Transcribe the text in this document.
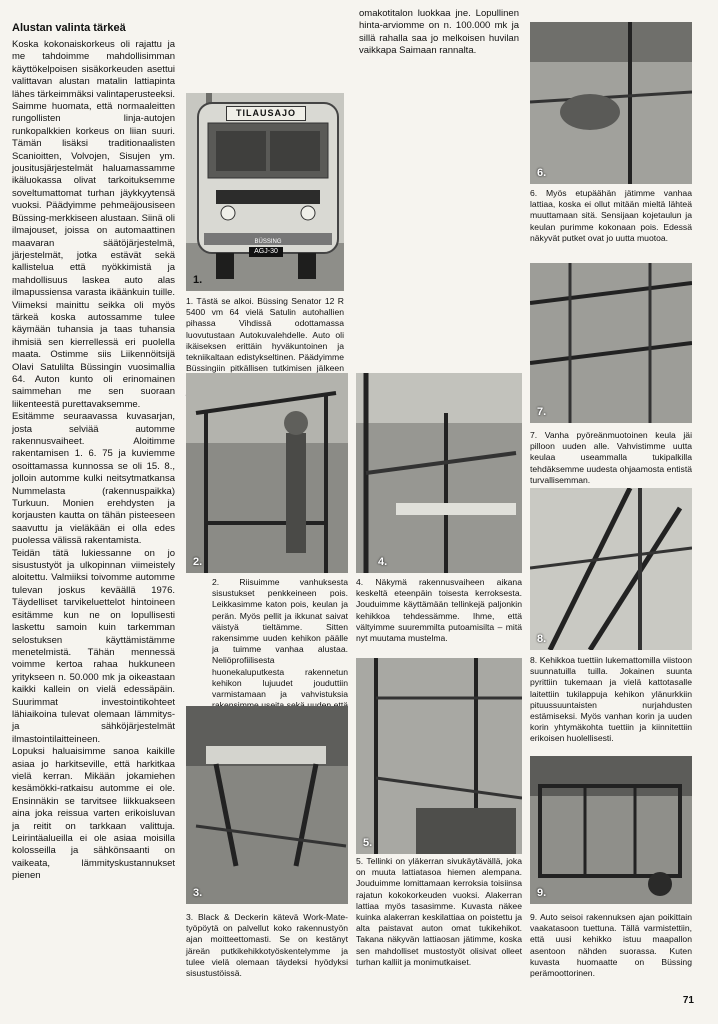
Alustan valinta tärkeä

Koska kokonaiskorkeus oli rajattu ja me tahdoimme mahdollisimman käyttökelpoisen sisäkorkeuden asettui valittavan alustan matalin lattiapinta lähes tärkeimmäksi valintaperusteeksi. Saimme huomata, että normaaleitten rungollisten linja-autojen runkopalkkien korkeus on liian suuri. Tämän lisäksi traditionaalisten Scanioitten, Volvojen, Sisujen ym. jousitusjärjestelmät haluamassamme ikäluokassa olivat tarkoituksemme soveltumattomat turhan jäykkyytensä vuoksi. Päädyimme pehmeäjousiseen Büssing-merkkiseen alustaan. Siinä oli ilmajouset, joissa on automaattinen maavaran säätöjärjestelmä, järjestelmät, jotka estävät sekä kallistelua että nyökkimistä ja mahdollisuus laskea auto alas ilmapussiensa varasta ikäänkuin tuille. Viimeksi mainittu seikka oli myös tärkeä koska autossamme tulee käymään tuhansia ja taas tuhansia ihmisiä sen kierrellessä eri puolella maata. Ostimme siis Liikennöitsijä Olavi Satulilta Büssingin vuosimallia 64. Auton kunto oli erinomainen saimmehan me sen suoraan liikenteestä purettavaksemme.
Esitämme seuraavassa kuvasarjan, josta selviää automme rakennusvaiheet. Aloitimme rakentamisen 1. 6. 75 ja kuviemme osoittamassa kunnossa se oli 15. 8., jolloin automme kulki neitsytmatkansa Nummelasta (rakennuspaikka) Turkuun. Monien erehdysten ja korjausten kautta on tähän pisteeseen saavuttu ja vieläkään ei olla edes puolessa välissä rakentamista.
Teidän tätä lukiessanne on jo sisustustyöt ja ulkopinnan viimeistely aloitettu. Valmiiksi toivomme automme tulevan joskus keväällä 1976. Täydelliset tarvikeluettelot hintoineen esitämme kun ne on lopullisesti laskettu samoin kuin tarkemman selostuksen käyttämistämme menetelmistä. Tähän mennessä voimme kertoa rahaa hukkuneen yritykseen n. 50.000 mk ja oikeastaan kaikki kallein on vielä edessäpäin. Suurimmat investointikohteet lähiaikoina tulevat olemaan lämmitys- ja sähköjärjestelmät ilmastointilaitteineen.
Lopuksi haluaisimme sanoa kaikille asiaa jo harkitseville, että harkitkaa vielä kerran. Mikään jokamiehen kesämökki-ratkaisu automme ei ole. Ensinnäkin se tarvitsee liikkuakseen aina joka reissua varten erikoisluvan ja reitit on tarkkaan valittuja. Leirintäalueilla ei ole asiaa moisilla kolosseilla ja sähkönsaanti on vaikeata, lämmityskustannukset pienen

omakotitalon luokkaa jne. Lopullinen hinta-arviomme on n. 100.000 mk ja sillä rahalla saa jo melkoisen huvilan vaikkapa Saimaan rannalta.

TILAUSAJO
BÜSSING
AGJ-30
1.

1. Tästä se alkoi. Büssing Senator 12 R 5400 vm 64 vielä Satulin autohallien pihassa Vihdissä odottamassa luovutustaan Autokuvalehdelle. Auto oli ikäiseksen erittäin hyväkuntoinen ja tekniikaltaan edistykseltinen. Päädyimme Büssingiin pitkällisen tutkimisen jälkeen

2.

2. Riisuimme vanhuksesta sisustukset penkkeineen pois. Leikkasimme katon pois, keulan ja perän. Myös pellit ja ikkunat saivat väistyä tieltämme. Sitten rakensimme uuden kehikon päälle ja tuimme vanhaa alustaa. Neliöprofiilisesta huonekaluputkesta rakennetun kehikon lujuudet jouduttiin varmistamaan ja vahvistuksia

3.

3. Black & Deckerin kätevä Work-Mate-työpöytä on palvellut koko rakennustyön ajan moitteettomasti. Se on kestänyt järeän putkikehikkotyöskentelymme ja tulee vielä olemaan täydeksi hyödyksi sisustustöissä.

4.

4. Näkymä rakennusvaiheen aikana keskeltä eteenpäin toisesta kerroksesta. Jouduimme käyttämään tellinkejä paljonkin kehikkoa tehdessämme. Ihme, että vältyimme suuremmilta putoamisilta – mitä nyt muutama mustelma.

5.

5. Tellinki on yläkerran sivukäytävällä, joka on muuta lattiatasoa hiemen alempana. Jouduimme lomittamaan kerroksia toisiinsa rajatun kokokorkeuden vuoksi. Alakerran lattiaa myös tasasimme. Kuvasta näkee kuinka alakerran keskilattiaa on poistettu ja alta paistavat auton omat tukikehikot. Takana näkyvän lattiaosan jätimme, koska sen mahdolliset mustostyöt olisivat olleet turhan kalliit ja monimutkaiset.

6.

6. Myös etupäähän jätimme vanhaa lattiaa, koska ei ollut mitään mieltä lähteä muuttamaan sitä. Sensijaan kojetaulun ja keulan purimme kokonaan pois. Edessä näkyvät putket ovat jo uutta muotoa.

7.

7. Vanha pyöreänmuotoinen keula jäi pilloon uuden alle. Vahvistimme uutta keulaa useammalla tukipalkilla tehdäksemme uudesta ohjaamosta entistä turvallisemman.

8.

8. Kehikkoa tuettiin lukemattomilla viistoon suunnatuilla tuilla. Jokainen suunta pyrittiin tukemaan ja vielä kattotasalle laitettiin tukilappuja kehikon ylänurkkiin pituussuuntaisten nurjahdusten estämiseksi. Myös vanhan korin ja uuden korin yhtymäkohta tuettiin ja kiinnitettiin erikoisen huolellisesti.

9.

9. Auto seisoi rakennuksen ajan poikittain vaakatasoon tuettuna. Tällä varmistettiin, että uusi kehikko istuu maapallon asentoon nähden suorassa. Kuten kuvasta huomaatte on Büssing perämoottorinen.

71
